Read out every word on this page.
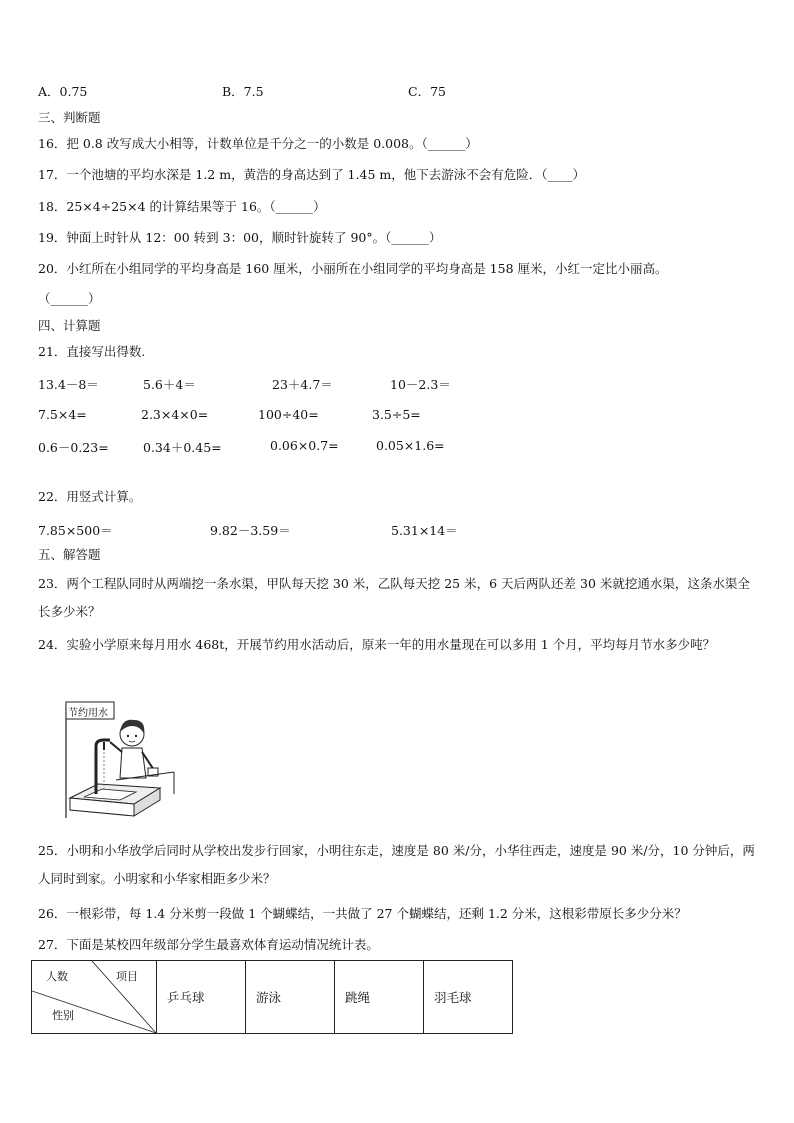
A．0.75	B．7.5	C．75
三、判断题
16．把 0.8 改写成大小相等，计数单位是千分之一的小数是 0.008。（______）
17．一个池塘的平均水深是 1.2 m，黄浩的身高达到了 1.45 m，他下去游泳不会有危险．（____）
18．25×4÷25×4 的计算结果等于 16。（______）
19．钟面上时针从 12：00 转到 3：00，顺时针旋转了 90°。（______）
20．小红所在小组同学的平均身高是 160 厘米，小丽所在小组同学的平均身高是 158 厘米，小红一定比小丽高。
（______）
四、计算题
21．直接写出得数.
13.4－8＝	5.6＋4＝	23＋4.7＝	10－2.3＝
7.5×4=	2.3×4×0=	100÷40=	3.5÷5=
0.6－0.23=	0.34＋0.45=	0.06×0.7=	0.05×1.6=
22．用竖式计算。
7.85×500＝	9.82－3.59＝	5.31×14＝
五、解答题
23．两个工程队同时从两端挖一条水渠，甲队每天挖 30 米，乙队每天挖 25 米，6 天后两队还差 30 米就挖通水渠，这条水渠全长多少米？
24．实验小学原来每月用水 468t，开展节约用水活动后，原来一年的用水量现在可以多用 1 个月，平均每月节水多少吨？
节约用水
25．小明和小华放学后同时从学校出发步行回家，小明往东走，速度是 80 米/分，小华往西走，速度是 90 米/分，10 分钟后，两人同时到家。小明家和小华家相距多少米？
26．一根彩带，每 1.4 分米剪一段做 1 个蝴蝶结，一共做了 27 个蝴蝶结，还剩 1.2 分米，这根彩带原长多少分米？
27．下面是某校四年级部分学生最喜欢体育运动情况统计表。
人数	项目
性别
	乒乓球	游泳	跳绳	羽毛球
